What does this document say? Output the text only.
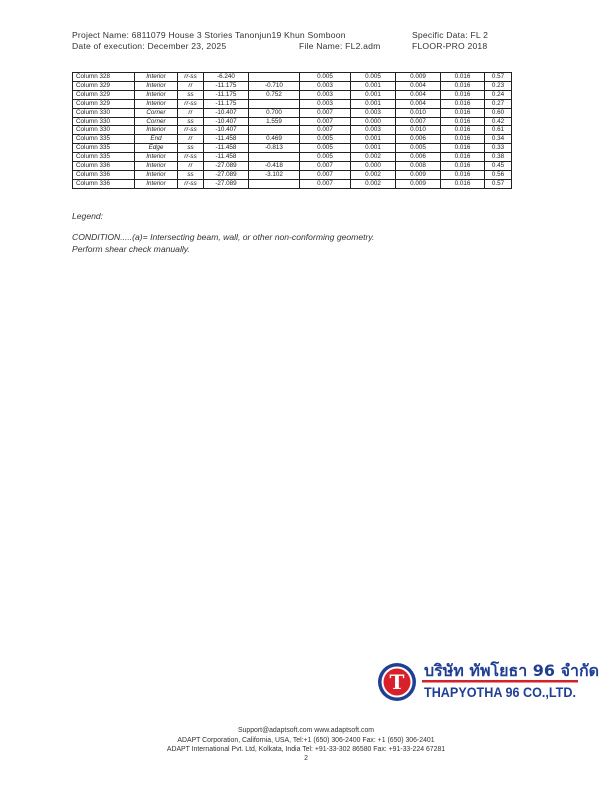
Project Name: 6811079 House 3 Stories Tanonjun19 Khun Somboon	Specific Data: FL 2
Date of execution: December 23, 2025	File Name: FL2.adm	FLOOR-PRO 2018
Column 328	Interior	rr-ss	-6.240		0.005	0.005	0.009	0.016	0.57
Column 329	Interior	rr	-11.175	-0.710	0.003	0.001	0.004	0.016	0.23
Column 329	Interior	ss	-11.175	0.752	0.003	0.001	0.004	0.016	0.24
Column 329	Interior	rr-ss	-11.175		0.003	0.001	0.004	0.016	0.27
Column 330	Corner	rr	-10.407	0.700	0.007	0.003	0.010	0.016	0.60
Column 330	Corner	ss	-10.407	1.559	0.007	0.000	0.007	0.016	0.42
Column 330	Interior	rr-ss	-10.407		0.007	0.003	0.010	0.016	0.61
Column 335	End	rr	-11.458	0.469	0.005	0.001	0.006	0.016	0.34
Column 335	Edge	ss	-11.458	-0.813	0.005	0.001	0.005	0.016	0.33
Column 335	Interior	rr-ss	-11.458		0.005	0.002	0.006	0.016	0.38
Column 336	Interior	rr	-27.089	-0.418	0.007	0.000	0.008	0.016	0.45
Column 336	Interior	ss	-27.089	-3.102	0.007	0.002	0.009	0.016	0.56
Column 336	Interior	rr-ss	-27.089		0.007	0.002	0.009	0.016	0.57
Legend:
CONDITION.....(a)= Intersecting beam, wall, or other non-conforming geometry.
Perform shear check manually.
T บริษัท ทัพโยธา 96 จำกัด
THAPYOTHA 96 CO.,LTD.
Support@adaptsoft.com www.adaptsoft.com
ADAPT Corporation, California, USA, Tel:+1 (650) 306-2400 Fax: +1 (650) 306-2401
ADAPT International Pvt. Ltd, Kolkata, India Tel: +91-33-302 86580 Fax: +91-33-224 67281
2
